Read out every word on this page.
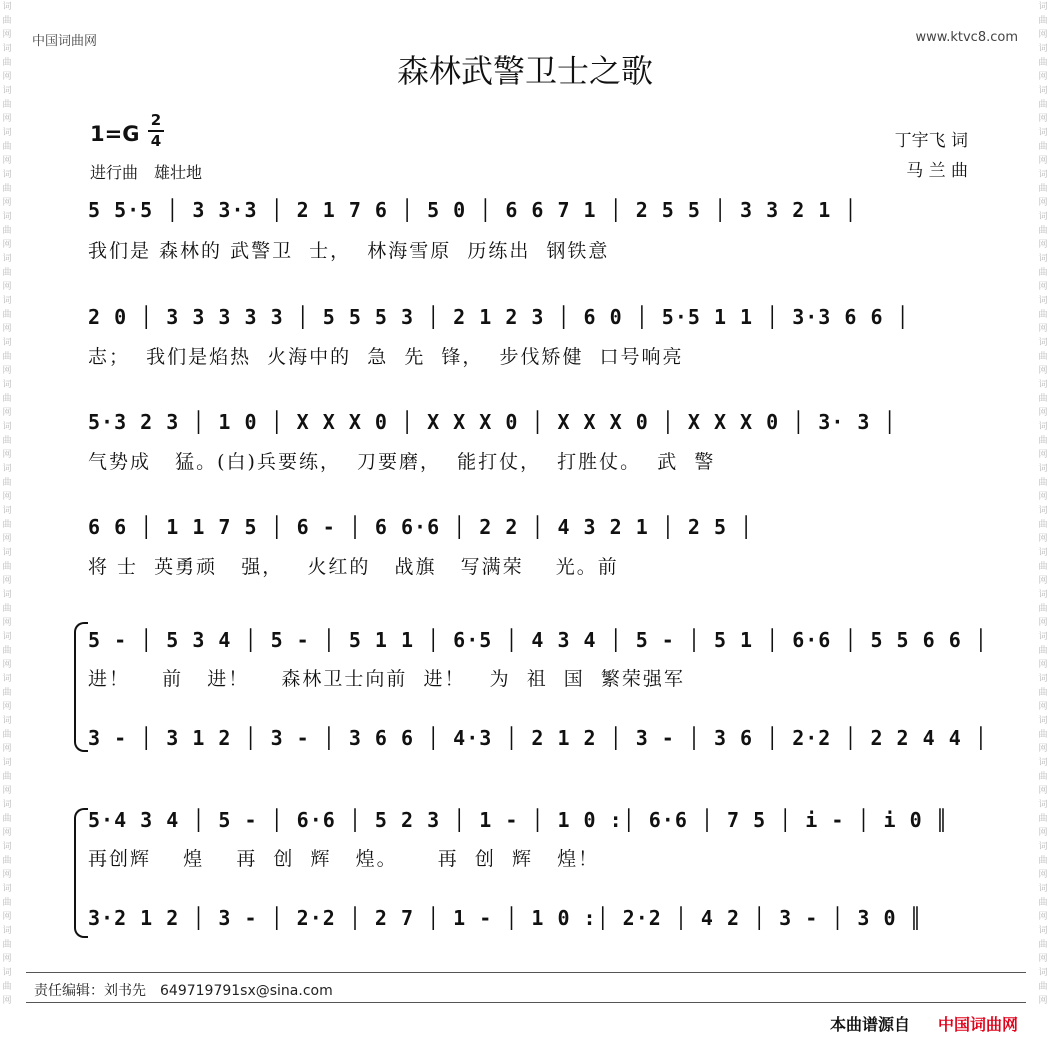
词曲网词曲网词曲网词曲网词曲网词曲网词曲网词曲网词曲网词曲网词曲网词曲网词曲网词曲网词曲网词曲网词曲网词曲网词曲网词曲网词曲网词曲网词曲网词曲网
词曲网词曲网词曲网词曲网词曲网词曲网词曲网词曲网词曲网词曲网词曲网词曲网词曲网词曲网词曲网词曲网词曲网词曲网词曲网词曲网词曲网词曲网词曲网词曲网
中国词曲网	www.ktvc8.com
森林武警卫士之歌
1=G
2
4
进行曲　雄壮地
丁宇飞 词
马 兰 曲
5 5·5 │ 3 3·3 │ 2 1 7 6 │ 5 0 │ 6 6 7 1 │ 2 5 5 │ 3 3 2 1 │
我们是 森林的 武警卫  士，  林海雪原  历练出  钢铁意
2 0 │ 3 3 3 3 3 │ 5 5 5 3 │ 2 1 2 3 │ 6 0 │ 5·5 1 1 │ 3·3 6 6 │
志；  我们是焰热  火海中的  急  先  锋，  步伐矫健  口号响亮
5·3 2 3 │ 1 0 │ X X X 0 │ X X X 0 │ X X X 0 │ X X X 0 │ 3· 3 │
气势成   猛。(白)兵要练，  刀要磨，  能打仗，  打胜仗。  武  警
6 6 │ 1 1 7 5 │ 6 - │ 6 6·6 │ 2 2 │ 4 3 2 1 │ 2 5 │
将 士  英勇顽   强，   火红的   战旗   写满荣    光。前
5 - │ 5 3 4 │ 5 - │ 5 1 1 │ 6·5 │ 4 3 4 │ 5 - │ 5 1 │ 6·6 │ 5 5 6 6 │
进！    前   进！    森林卫士向前  进！   为  祖  国  繁荣强军
3 - │ 3 1 2 │ 3 - │ 3 6 6 │ 4·3 │ 2 1 2 │ 3 - │ 3 6 │ 2·2 │ 2 2 4 4 │
5·4 3 4 │ 5 - │ 6·6 │ 5 2 3 │ 1 - │ 1 0 :│ 6·6 │ 7 5 │ i - │ i 0 ║
再创辉    煌    再  创  辉   煌。     再  创  辉   煌！
3·2 1 2 │ 3 - │ 2·2 │ 2 7 │ 1 - │ 1 0 :│ 2·2 │ 4 2 │ 3 - │ 3 0 ║
责任编辑：刘书先　649719791sx@sina.com
本曲谱源自 中国词曲网
